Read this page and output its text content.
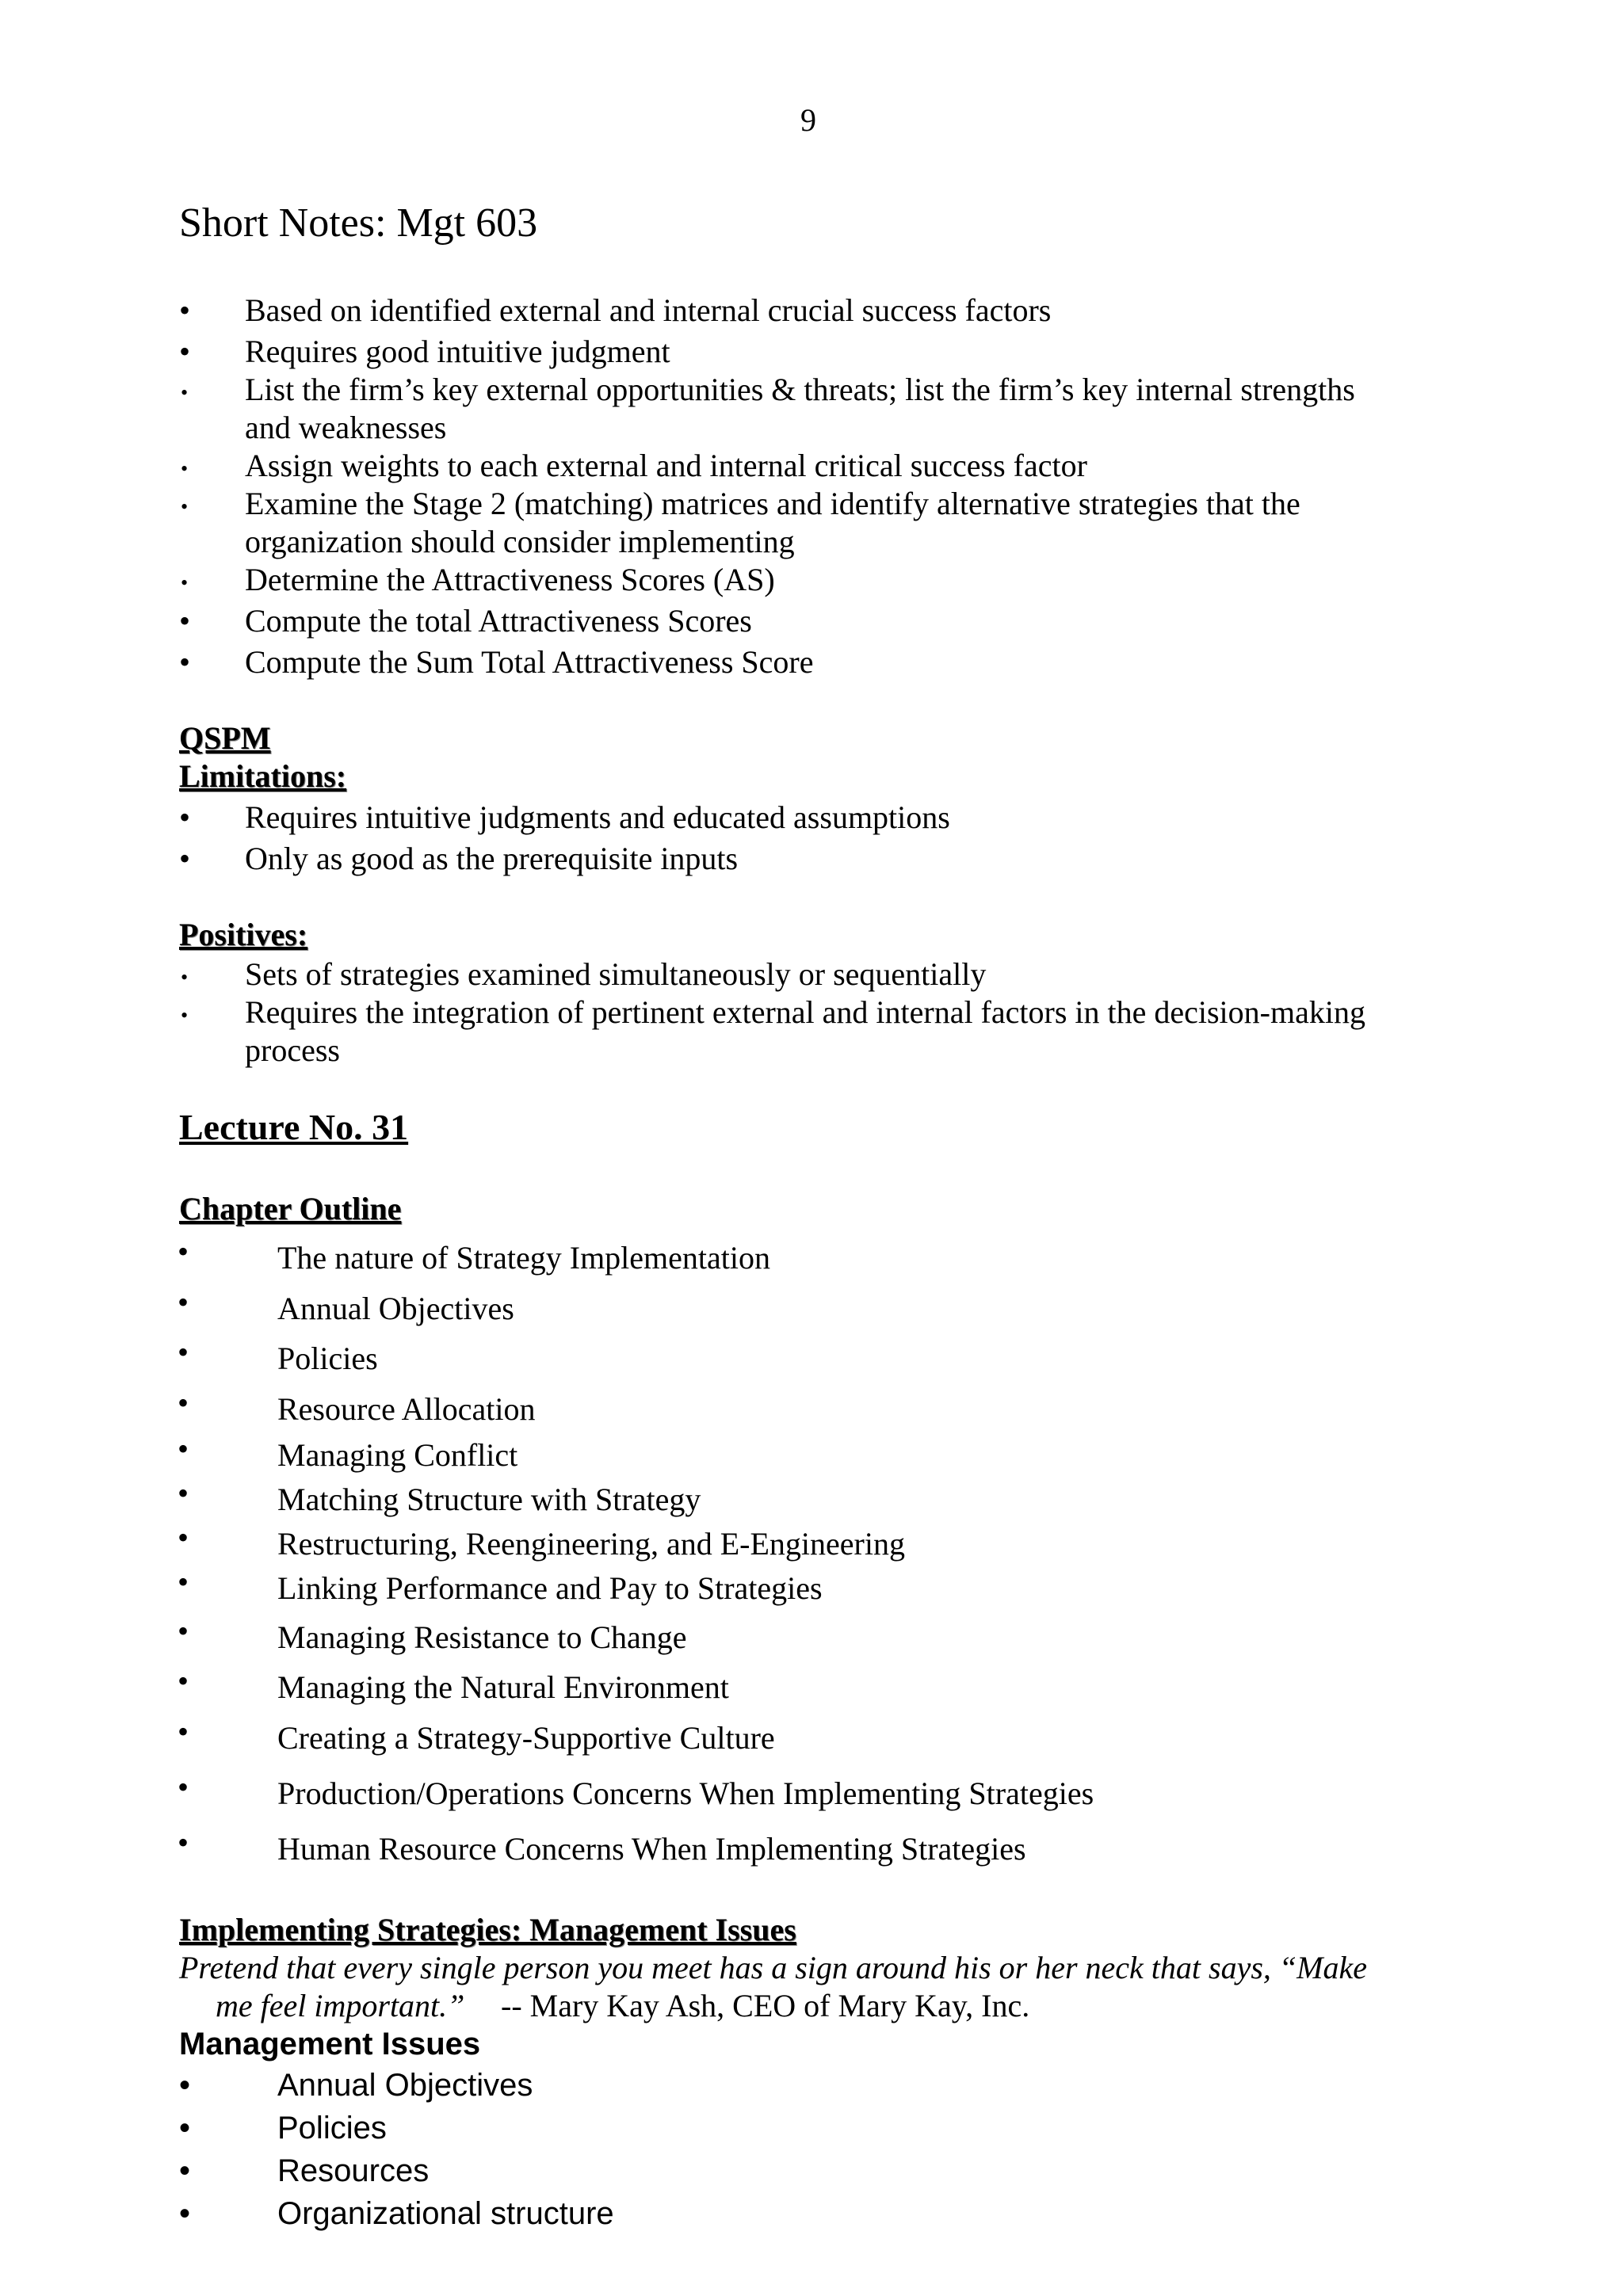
9
Short Notes: Mgt 603
• Based on identified external and internal crucial success factors
• Requires good intuitive judgment
• List the firm’s key external opportunities & threats; list the firm’s key internal strengths
and weaknesses
• Assign weights to each external and internal critical success factor
• Examine the Stage 2 (matching) matrices and identify alternative strategies that the
organization should consider implementing
• Determine the Attractiveness Scores (AS)
• Compute the total Attractiveness Scores
• Compute the Sum Total Attractiveness Score
QSPM
Limitations:
• Requires intuitive judgments and educated assumptions
• Only as good as the prerequisite inputs
Positives:
• Sets of strategies examined simultaneously or sequentially
• Requires the integration of pertinent external and internal factors in the decision-making
process
Lecture No. 31
Chapter Outline
•	The nature of Strategy Implementation
•	Annual Objectives
•	Policies
•	Resource Allocation
•	Managing Conflict
•	Matching Structure with Strategy
•	Restructuring, Reengineering, and E-Engineering
•	Linking Performance and Pay to Strategies
•	Managing Resistance to Change
•	Managing the Natural Environment
•	Creating a Strategy-Supportive Culture
•	Production/Operations Concerns When Implementing Strategies
•	Human Resource Concerns When Implementing Strategies
Implementing Strategies: Management Issues
Pretend that every single person you meet has a sign around his or her neck that says, “Make
me feel important.” -- Mary Kay Ash, CEO of Mary Kay, Inc.
Management Issues
•	Annual Objectives
•	Policies
•	Resources
•	Organizational structure
